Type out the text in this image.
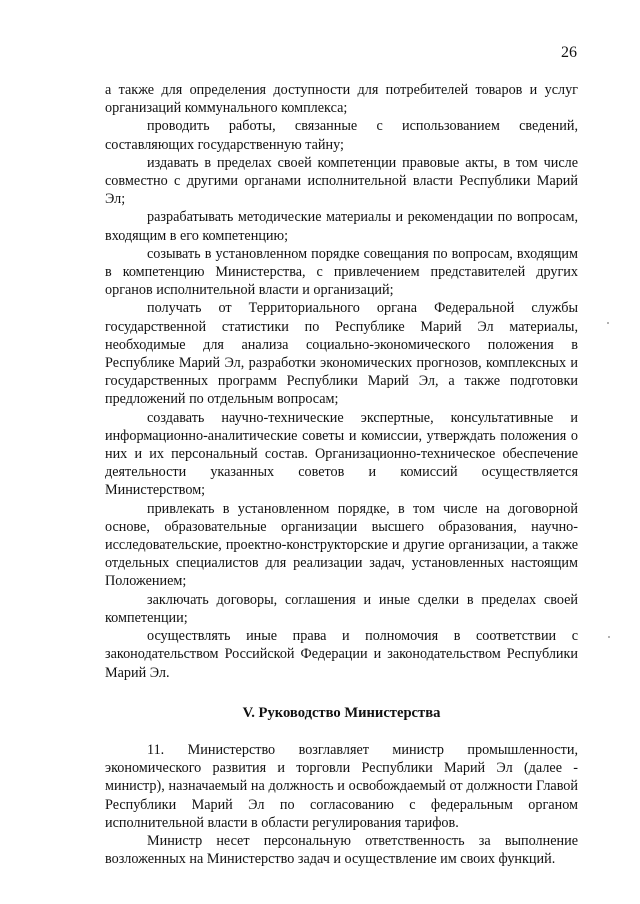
26

а также для определения доступности для потребителей товаров и услуг организаций коммунального комплекса;

проводить работы, связанные с использованием сведений, составляющих государственную тайну;

издавать в пределах своей компетенции правовые акты, в том числе совместно с другими органами исполнительной власти Республики Марий Эл;

разрабатывать методические материалы и рекомендации по вопросам, входящим в его компетенцию;

созывать в установленном порядке совещания по вопросам, входящим в компетенцию Министерства, с привлечением представителей других органов исполнительной власти и организаций;

получать от Территориального органа Федеральной службы государственной статистики по Республике Марий Эл материалы, необходимые для анализа социально-экономического положения в Республике Марий Эл, разработки экономических прогнозов, комплексных и государственных программ Республики Марий Эл, а также подготовки предложений по отдельным вопросам;

создавать научно-технические экспертные, консультативные и информационно-аналитические советы и комиссии, утверждать положения о них и их персональный состав. Организационно-техническое обеспечение деятельности указанных советов и комиссий осуществляется Министерством;

привлекать в установленном порядке, в том числе на договорной основе, образовательные организации высшего образования, научно-исследовательские, проектно-конструкторские и другие организации, а также отдельных специалистов для реализации задач, установленных настоящим Положением;

заключать договоры, соглашения и иные сделки в пределах своей компетенции;

осуществлять иные права и полномочия в соответствии с законодательством Российской Федерации и законодательством Республики Марий Эл.

V. Руководство Министерства

11. Министерство возглавляет министр промышленности, экономического развития и торговли Республики Марий Эл (далее - министр), назначаемый на должность и освобождаемый от должности Главой Республики Марий Эл по согласованию с федеральным органом исполнительной власти в области регулирования тарифов.

Министр несет персональную ответственность за выполнение возложенных на Министерство задач и осуществление им своих функций.
